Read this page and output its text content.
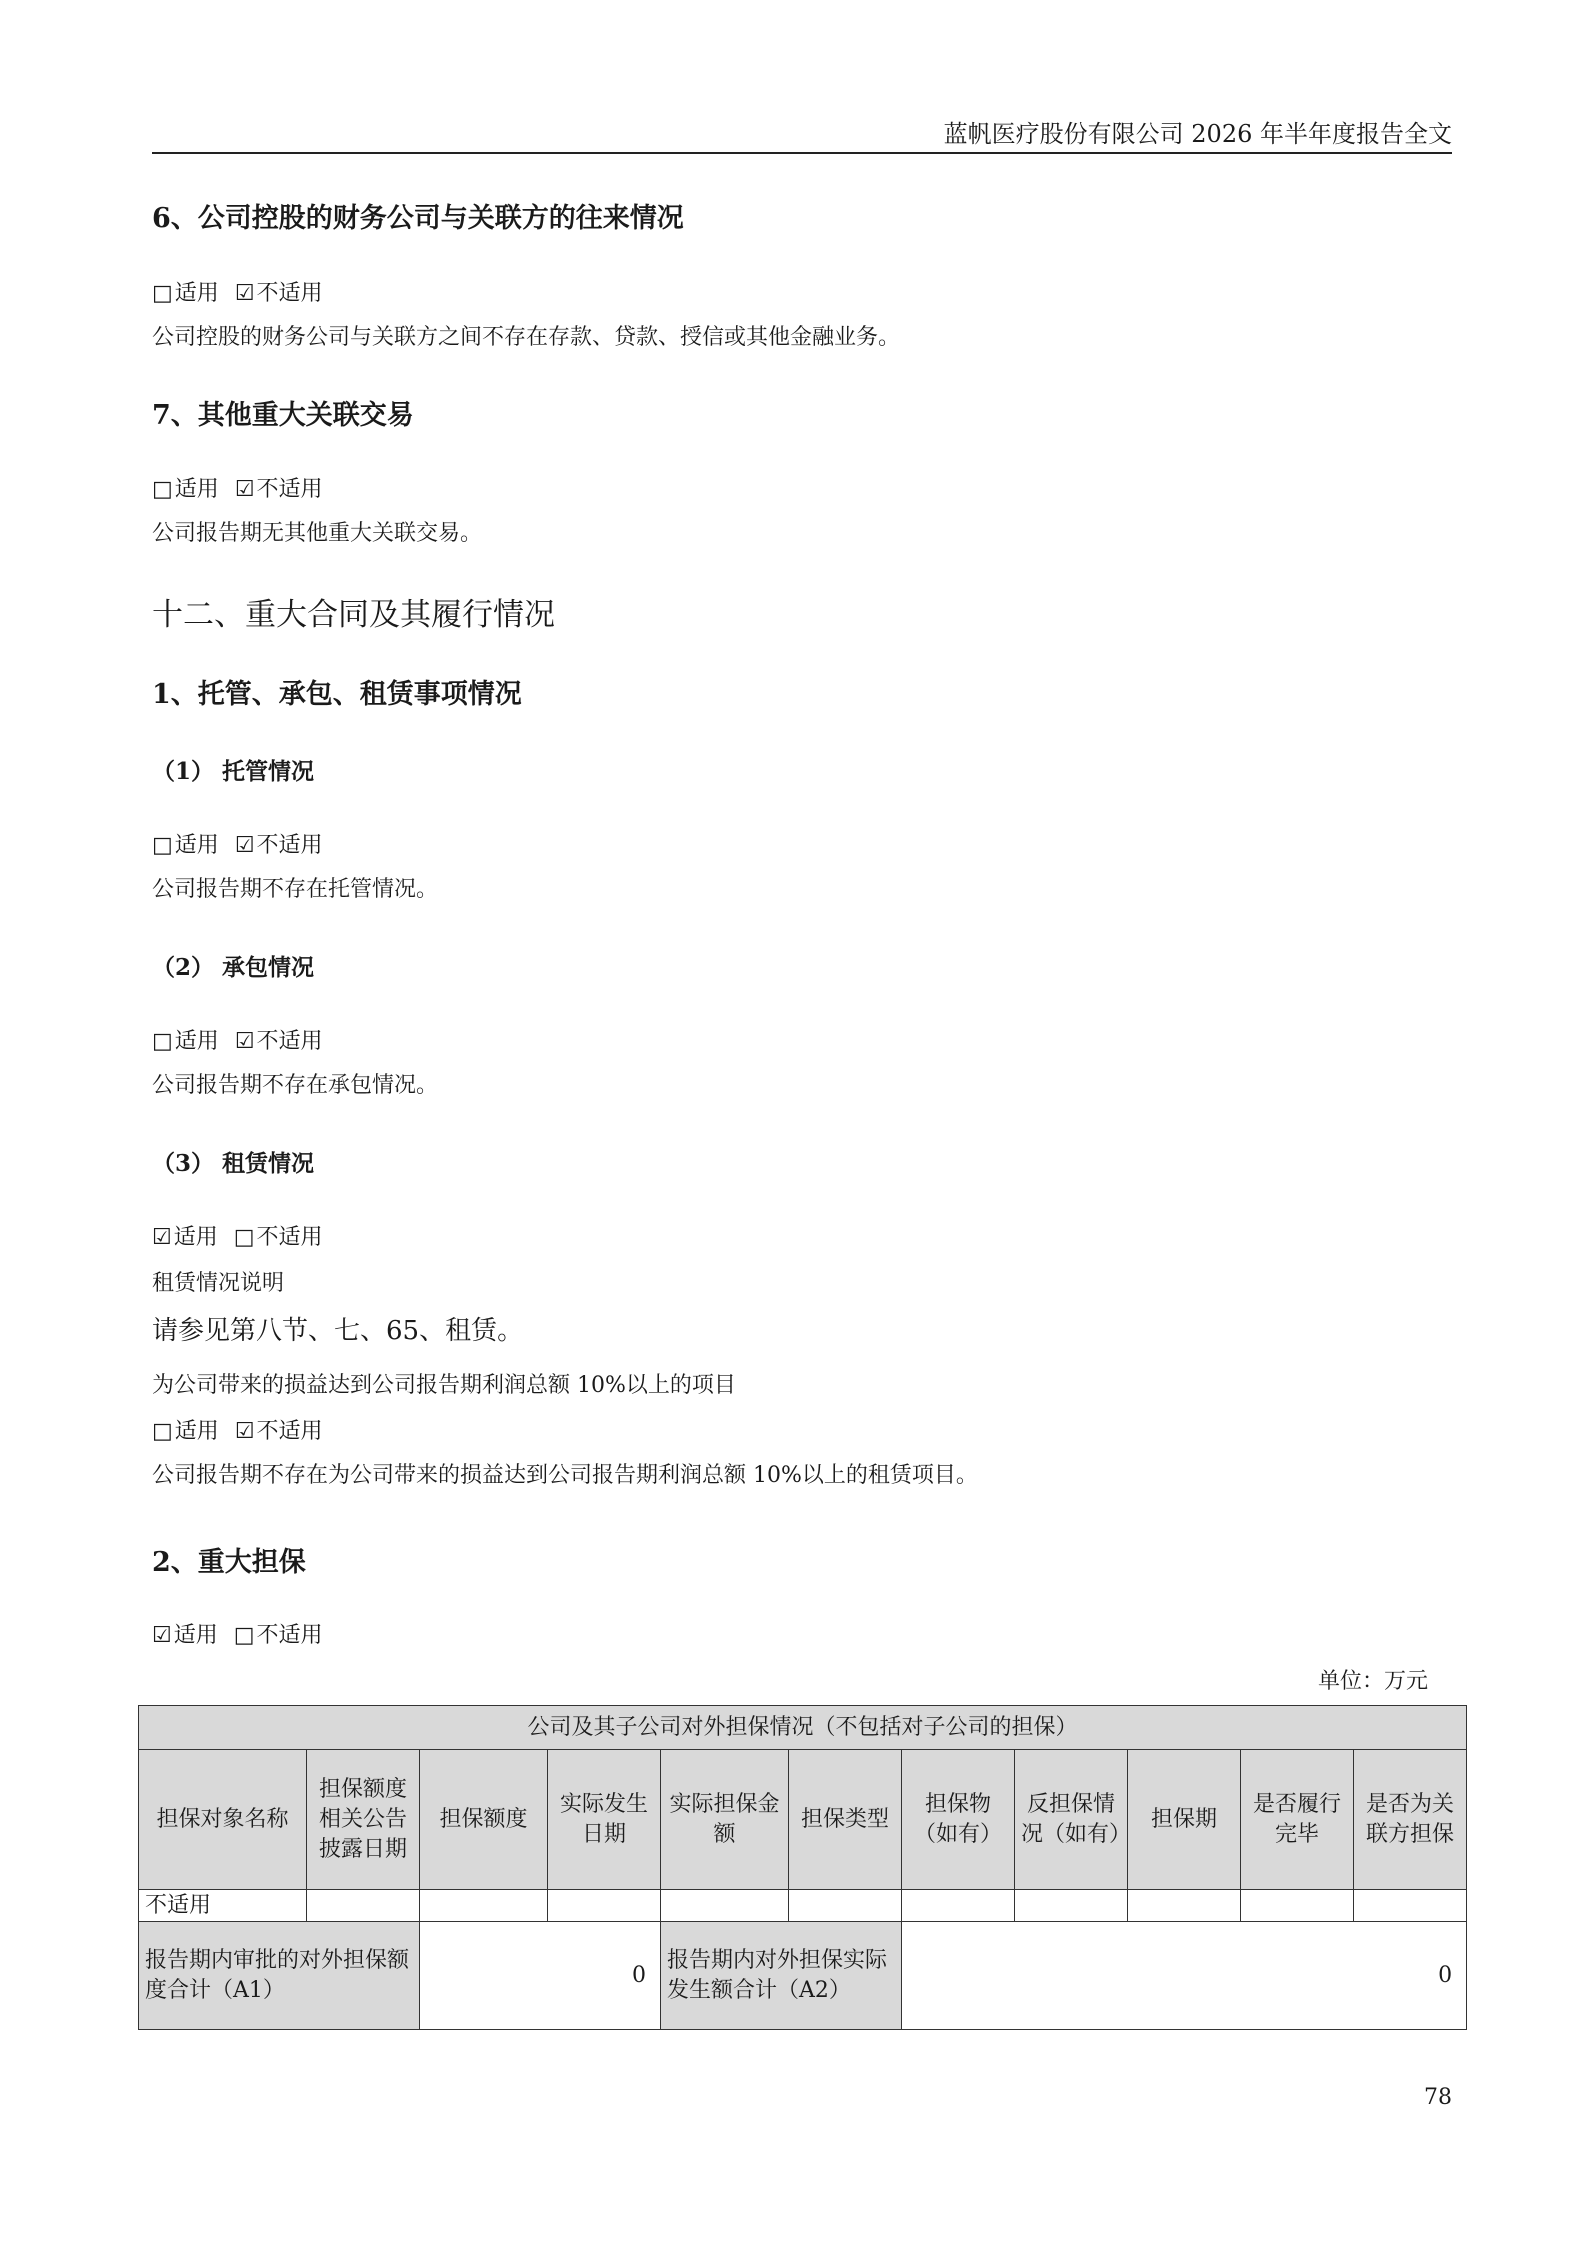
蓝帆医疗股份有限公司 2026 年半年度报告全文
6、公司控股的财务公司与关联方的往来情况
□适用 ☑不适用
公司控股的财务公司与关联方之间不存在存款、贷款、授信或其他金融业务。
7、其他重大关联交易
□适用 ☑不适用
公司报告期无其他重大关联交易。
十二、重大合同及其履行情况
1、托管、承包、租赁事项情况
（1） 托管情况
□适用 ☑不适用
公司报告期不存在托管情况。
（2） 承包情况
□适用 ☑不适用
公司报告期不存在承包情况。
（3） 租赁情况
☑适用 □不适用
租赁情况说明
请参见第八节、七、65、租赁。
为公司带来的损益达到公司报告期利润总额 10%以上的项目
□适用 ☑不适用
公司报告期不存在为公司带来的损益达到公司报告期利润总额 10%以上的租赁项目。
2、重大担保
☑适用 □不适用
单位：万元
公司及其子公司对外担保情况（不包括对子公司的担保）										
担保对象名称	担保额度相关公告披露日期	担保额度	实际发生日期	实际担保金额	担保类型	担保物（如有）	反担保情况（如有）	担保期	是否履行完毕	是否为关联方担保
不适用										
报告期内审批的对外担保额度合计（A1）		0		报告期内对外担保实际发生额合计（A2）		0				
78
